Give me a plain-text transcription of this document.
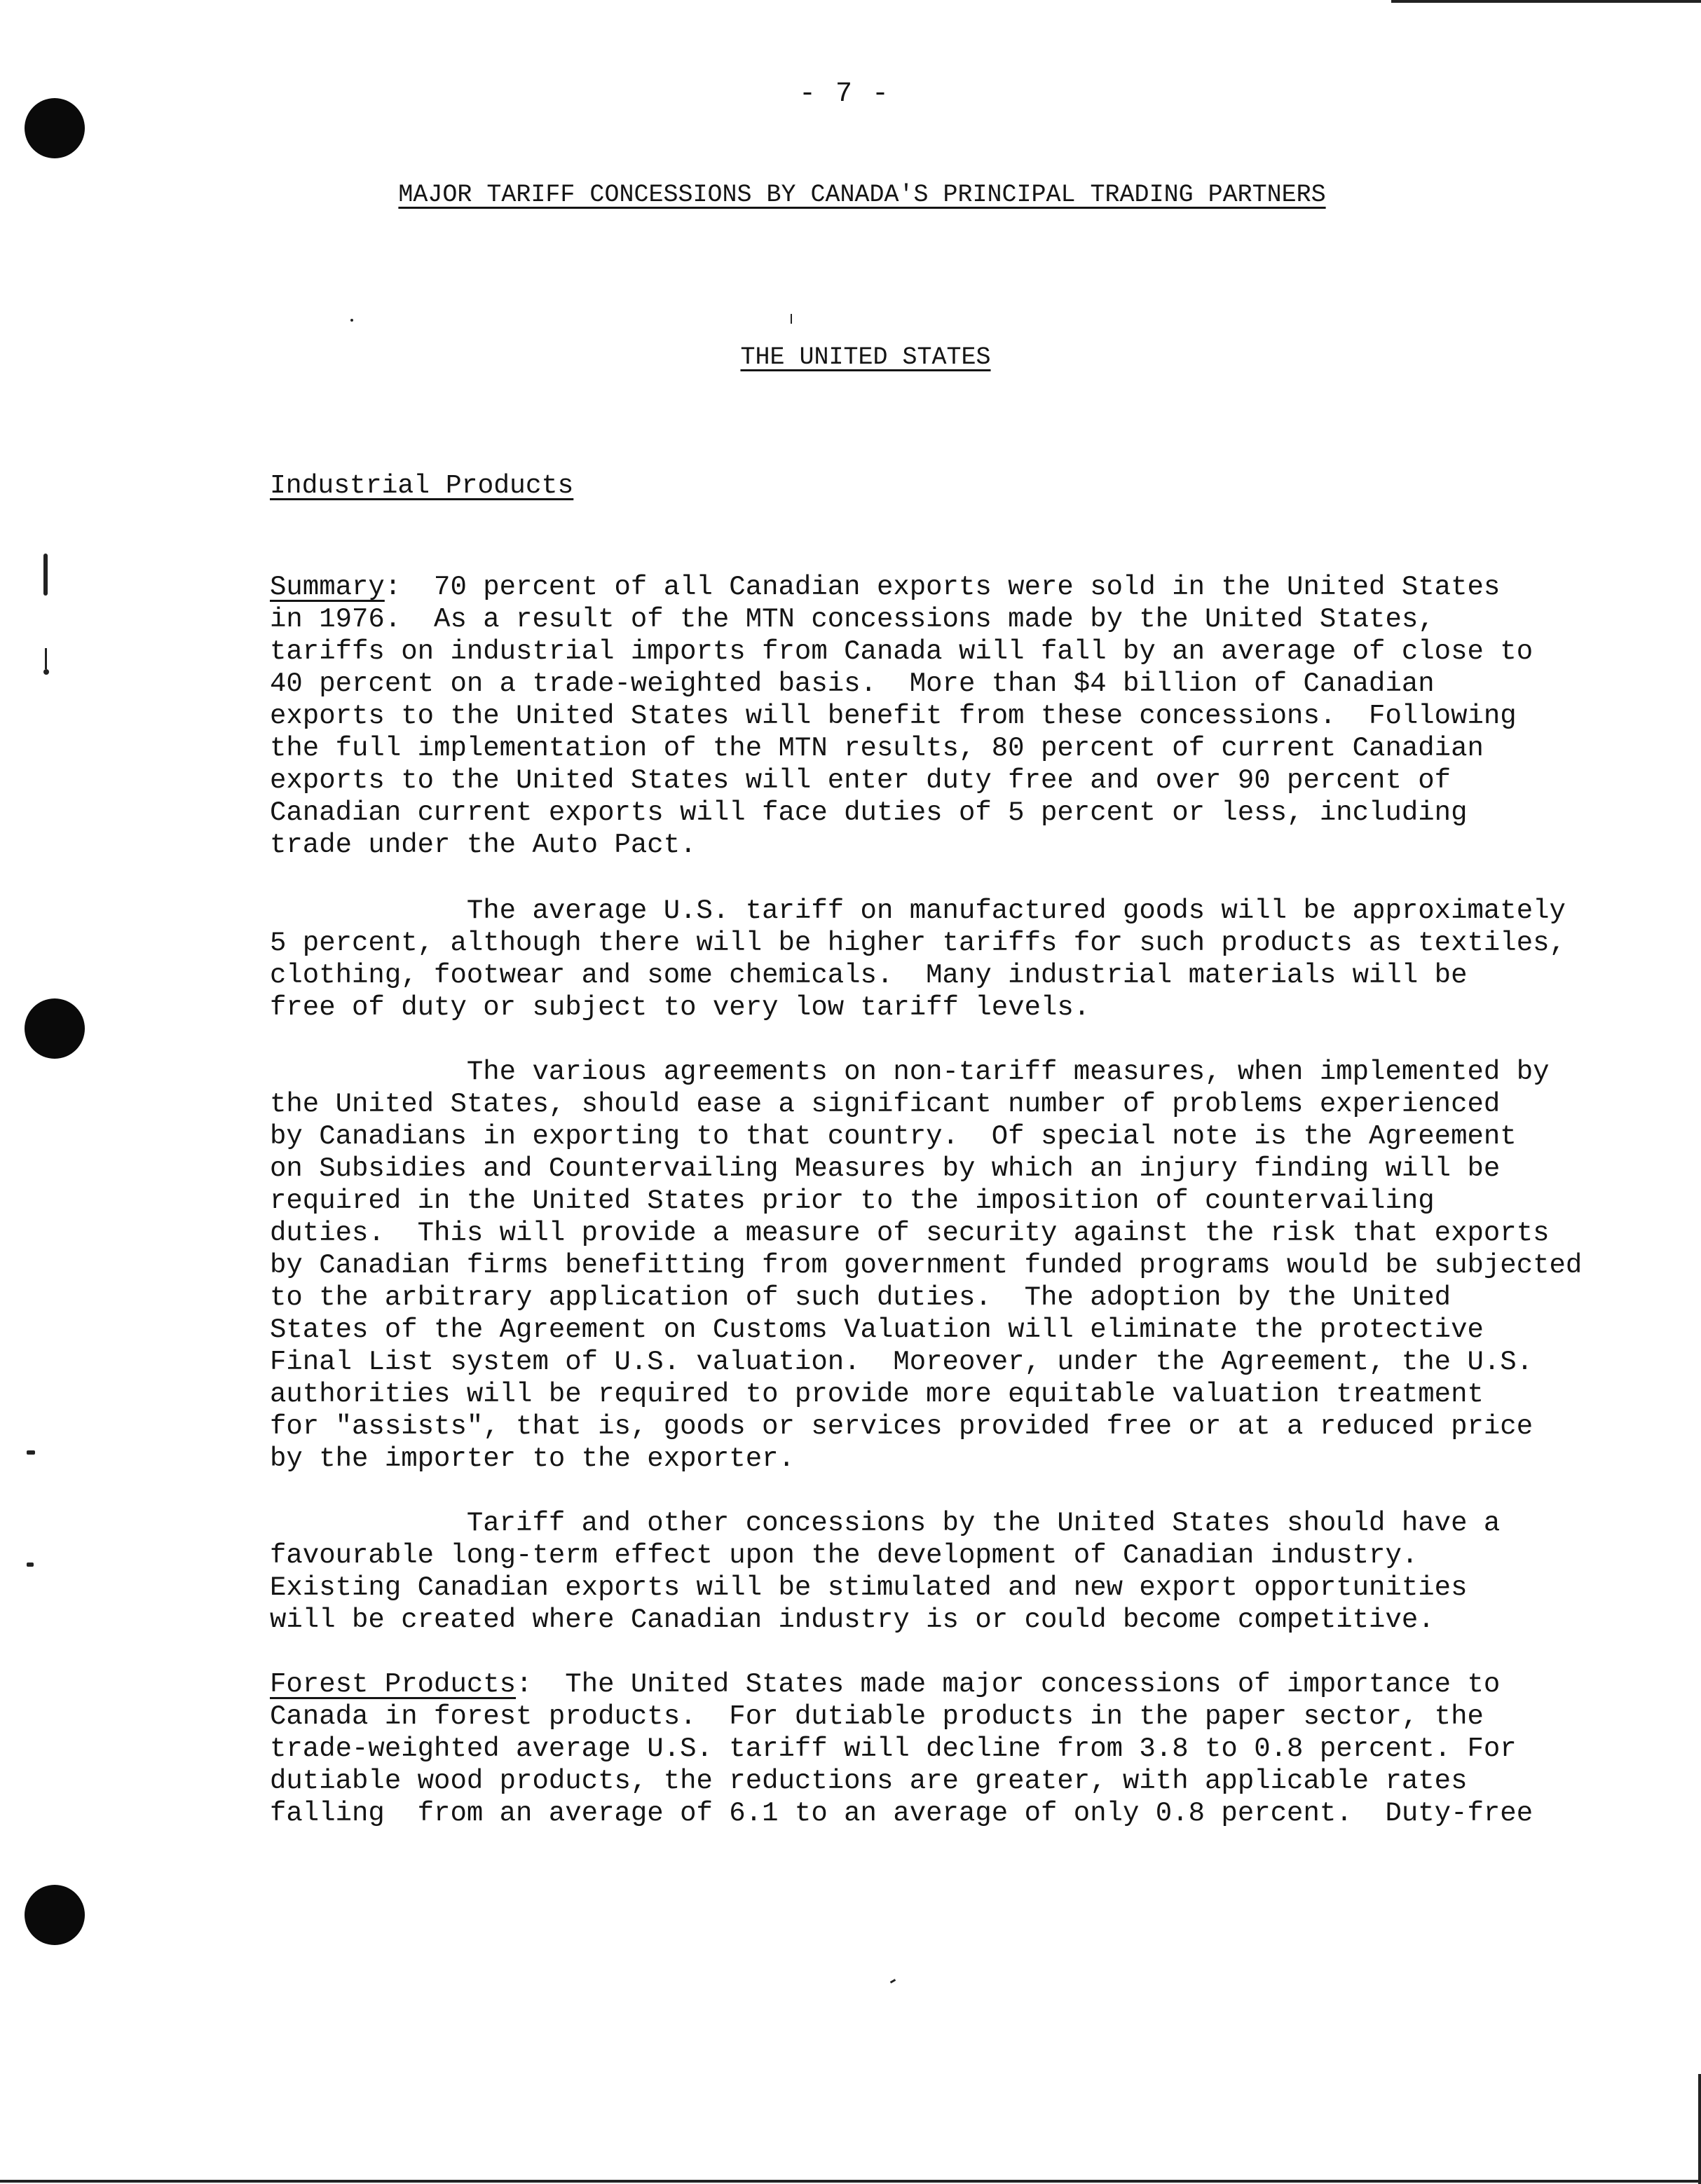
- 7 -
MAJOR TARIFF CONCESSIONS BY CANADA'S PRINCIPAL TRADING PARTNERS
THE UNITED STATES
Industrial Products

Summary:  70 percent of all Canadian exports were sold in the United States
in 1976.  As a result of the MTN concessions made by the United States,
tariffs on industrial imports from Canada will fall by an average of close to
40 percent on a trade-weighted basis.  More than $4 billion of Canadian
exports to the United States will benefit from these concessions.  Following
the full implementation of the MTN results, 80 percent of current Canadian
exports to the United States will enter duty free and over 90 percent of
Canadian current exports will face duties of 5 percent or less, including
trade under the Auto Pact.

The average U.S. tariff on manufactured goods will be approximately
5 percent, although there will be higher tariffs for such products as textiles,
clothing, footwear and some chemicals.  Many industrial materials will be
free of duty or subject to very low tariff levels.

The various agreements on non-tariff measures, when implemented by
the United States, should ease a significant number of problems experienced
by Canadians in exporting to that country.  Of special note is the Agreement
on Subsidies and Countervailing Measures by which an injury finding will be
required in the United States prior to the imposition of countervailing
duties.  This will provide a measure of security against the risk that exports
by Canadian firms benefitting from government funded programs would be subjected
to the arbitrary application of such duties.  The adoption by the United
States of the Agreement on Customs Valuation will eliminate the protective
Final List system of U.S. valuation.  Moreover, under the Agreement, the U.S.
authorities will be required to provide more equitable valuation treatment
for "assists", that is, goods or services provided free or at a reduced price
by the importer to the exporter.

Tariff and other concessions by the United States should have a
favourable long-term effect upon the development of Canadian industry.
Existing Canadian exports will be stimulated and new export opportunities
will be created where Canadian industry is or could become competitive.

Forest Products:  The United States made major concessions of importance to
Canada in forest products.  For dutiable products in the paper sector, the
trade-weighted average U.S. tariff will decline from 3.8 to 0.8 percent. For
dutiable wood products, the reductions are greater, with applicable rates
falling  from an average of 6.1 to an average of only 0.8 percent.  Duty-free
